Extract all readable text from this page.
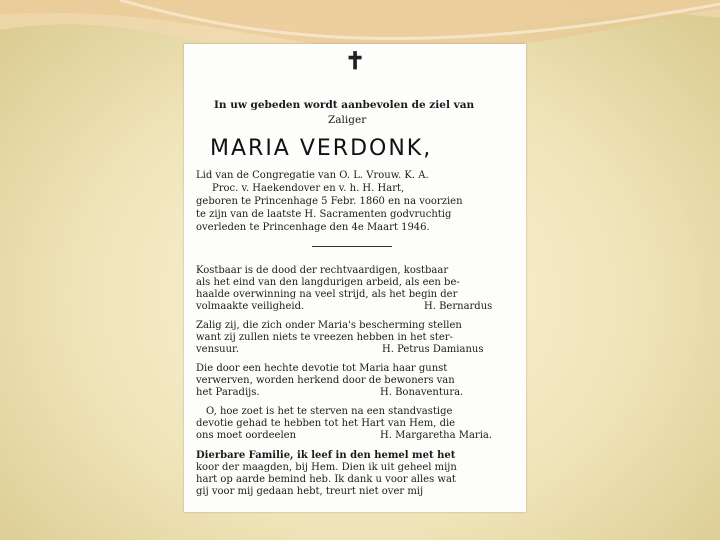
✝
In uw gebeden wordt aanbevolen de ziel van
Zaliger
MARIA VERDONK,
Lid van de Congregatie van O. L. Vrouw. K. A.
Proc. v. Haekendover en v. h. H. Hart,
geboren te Princenhage 5 Febr. 1860 en na voorzien
te zijn van de laatste H. Sacramenten godvruchtig
overleden te Princenhage den 4e Maart 1946.
Kostbaar is de dood der rechtvaardigen, kostbaar
als het eind van den langdurigen arbeid, als een be-
haalde overwinning na veel strijd, als het begin der
volmaakte veiligheid.	H. Bernardus
Zalig zij, die zich onder Maria's bescherming stellen
want zij zullen niets te vreezen hebben in het ster-
vensuur.	H. Petrus Damianus
Die door een hechte devotie tot Maria haar gunst
verwerven, worden herkend door de bewoners van
het Paradijs.	H. Bonaventura.
O, hoe zoet is het te sterven na een standvastige
devotie gehad te hebben tot het Hart van Hem, die
ons moet oordeelen	H. Margaretha Maria.
Dierbare Familie, ik leef in den hemel met het
koor der maagden, bij Hem. Dien ik uit geheel mijn
hart op aarde bemind heb. Ik dank u voor alles wat
gij voor mij gedaan hebt, treurt niet over mij
